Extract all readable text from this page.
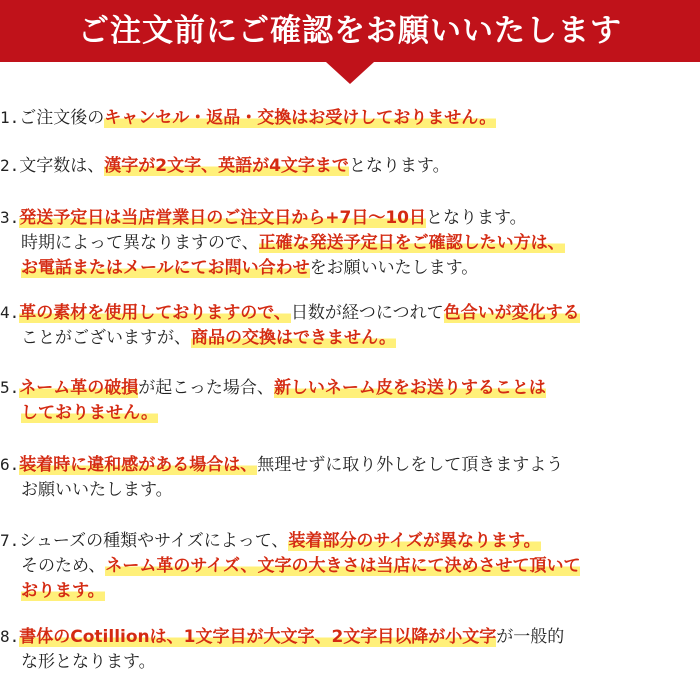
ご注文前にご確認をお願いいたします
1.ご注文後のキャンセル・返品・交換はお受けしておりません。
2.文字数は、漢字が2文字、英語が4文字までとなります。
3.発送予定日は当店営業日のご注文日から+7日～10日となります。
時期によって異なりますので、正確な発送予定日をご確認したい方は、
お電話またはメールにてお問い合わせをお願いいたします。
4.革の素材を使用しておりますので、日数が経つにつれて色合いが変化する
ことがございますが、商品の交換はできません。
5.ネーム革の破損が起こった場合、新しいネーム皮をお送りすることは
しておりません。
6.装着時に違和感がある場合は、無理せずに取り外しをして頂きますよう
お願いいたします。
7.シューズの種類やサイズによって、装着部分のサイズが異なります。
そのため、ネーム革のサイズ、文字の大きさは当店にて決めさせて頂いて
おります。
8.書体のCotillionは、1文字目が大文字、2文字目以降が小文字が一般的
な形となります。
